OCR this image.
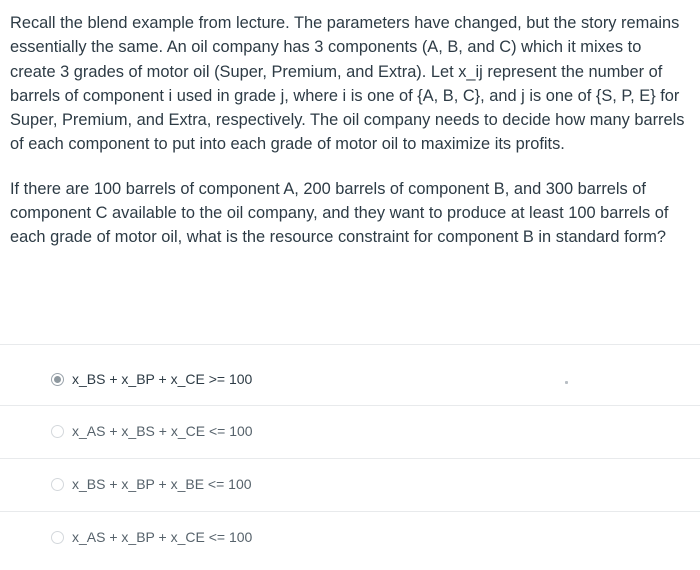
Recall the blend example from lecture. The parameters have changed, but the story remains essentially the same. An oil company has 3 components (A, B, and C) which it mixes to create 3 grades of motor oil (Super, Premium, and Extra). Let x_ij represent the number of barrels of component i used in grade j, where i is one of {A, B, C}, and j is one of {S, P, E} for Super, Premium, and Extra, respectively. The oil company needs to decide how many barrels of each component to put into each grade of motor oil to maximize its profits.

If there are 100 barrels of component A, 200 barrels of component B, and 300 barrels of component C available to the oil company, and they want to produce at least 100 barrels of each grade of motor oil, what is the resource constraint for component B in standard form?

x_BS + x_BP + x_CE >= 100
x_AS + x_BS + x_CE <= 100
x_BS + x_BP + x_BE <= 100
x_AS + x_BP + x_CE <= 100
